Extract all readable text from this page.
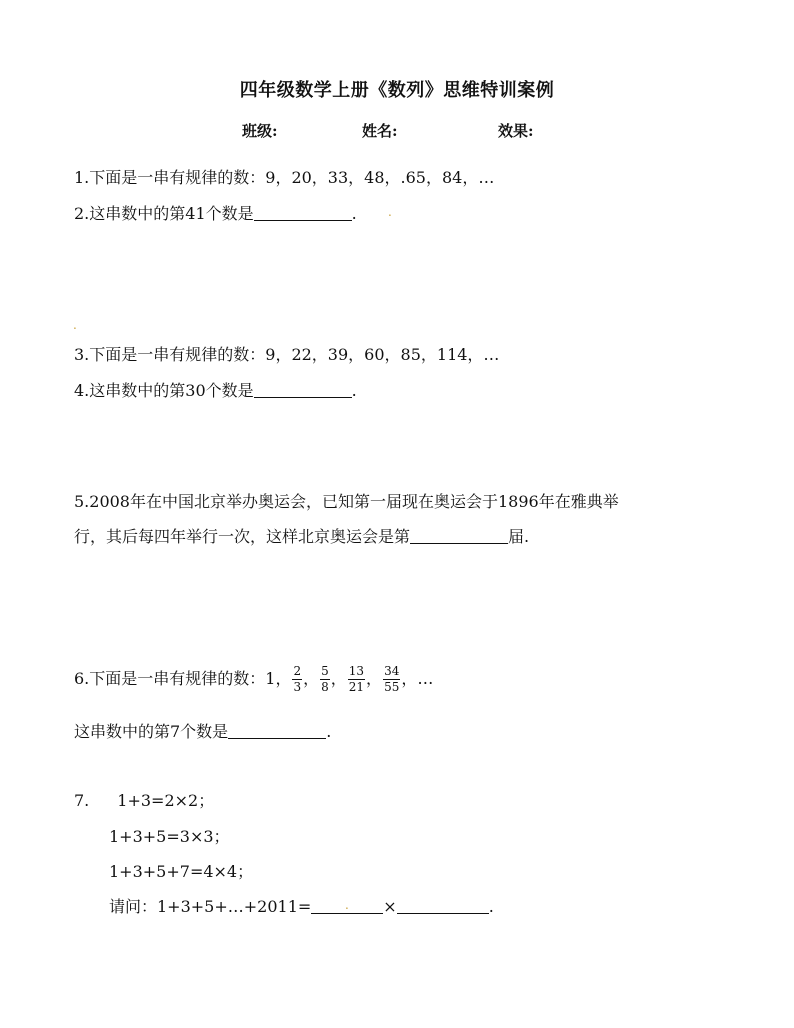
四年级数学上册《数列》思维特训案例
班级:	姓名:	效果:
1.下面是一串有规律的数：9，20，33，48，.65，84，…
2.这串数中的第41个数是	.	.
.
3.下面是一串有规律的数：9，22，39，60，85，114，…
4.这串数中的第30个数是	.
5.2008年在中国北京举办奥运会，已知第一届现在奥运会于1896年在雅典举
行，其后每四年举行一次，这样北京奥运会是第	届.
6.下面是一串有规律的数：1， $\frac{2}{3}$ ， $\frac{5}{8}$ ， $\frac{13}{21}$ ， $\frac{34}{55}$ ，…
这串数中的第7个数是	.
7. 1+3=2×2；
1+3+5=3×3；
1+3+5+7=4×4；
请问：1+3+5+…+2011=	×	.
.
